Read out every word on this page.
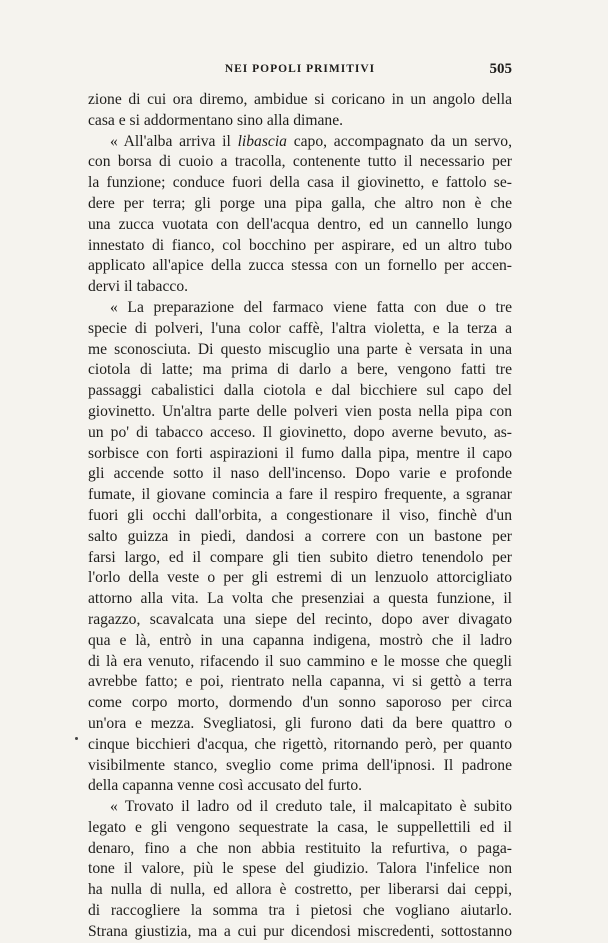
NEI POPOLI PRIMITIVI	505
zione di cui ora diremo, ambidue si coricano in un angolo della
casa e si addormentano sino alla dimane.
« All'alba arriva il libascia capo, accompagnato da un servo,
con borsa di cuoio a tracolla, contenente tutto il necessario per
la funzione; conduce fuori della casa il giovinetto, e fattolo se-
dere per terra; gli porge una pipa galla, che altro non è che
una zucca vuotata con dell'acqua dentro, ed un cannello lungo
innestato di fianco, col bocchino per aspirare, ed un altro tubo
applicato all'apice della zucca stessa con un fornello per accen-
dervi il tabacco.
« La preparazione del farmaco viene fatta con due o tre
specie di polveri, l'una color caffè, l'altra violetta, e la terza a
me sconosciuta. Di questo miscuglio una parte è versata in una
ciotola di latte; ma prima di darlo a bere, vengono fatti tre
passaggi cabalistici dalla ciotola e dal bicchiere sul capo del
giovinetto. Un'altra parte delle polveri vien posta nella pipa con
un po' di tabacco acceso. Il giovinetto, dopo averne bevuto, as-
sorbisce con forti aspirazioni il fumo dalla pipa, mentre il capo
gli accende sotto il naso dell'incenso. Dopo varie e profonde
fumate, il giovane comincia a fare il respiro frequente, a sgranar
fuori gli occhi dall'orbita, a congestionare il viso, finchè d'un
salto guizza in piedi, dandosi a correre con un bastone per
farsi largo, ed il compare gli tien subito dietro tenendolo per
l'orlo della veste o per gli estremi di un lenzuolo attorcigliato
attorno alla vita. La volta che presenziai a questa funzione, il
ragazzo, scavalcata una siepe del recinto, dopo aver divagato
qua e là, entrò in una capanna indigena, mostrò che il ladro
di là era venuto, rifacendo il suo cammino e le mosse che quegli
avrebbe fatto; e poi, rientrato nella capanna, vi si gettò a terra
come corpo morto, dormendo d'un sonno saporoso per circa
un'ora e mezza. Svegliatosi, gli furono dati da bere quattro o
cinque bicchieri d'acqua, che rigettò, ritornando però, per quanto
visibilmente stanco, sveglio come prima dell'ipnosi. Il padrone
della capanna venne così accusato del furto.
« Trovato il ladro od il creduto tale, il malcapitato è subito
legato e gli vengono sequestrate la casa, le suppellettili ed il
denaro, fino a che non abbia restituito la refurtiva, o paga-
tone il valore, più le spese del giudizio. Talora l'infelice non
ha nulla di nulla, ed allora è costretto, per liberarsi dai ceppi,
di raccogliere la somma tra i pietosi che vogliano aiutarlo.
Strana giustizia, ma a cui pur dicendosi miscredenti, sottostanno
